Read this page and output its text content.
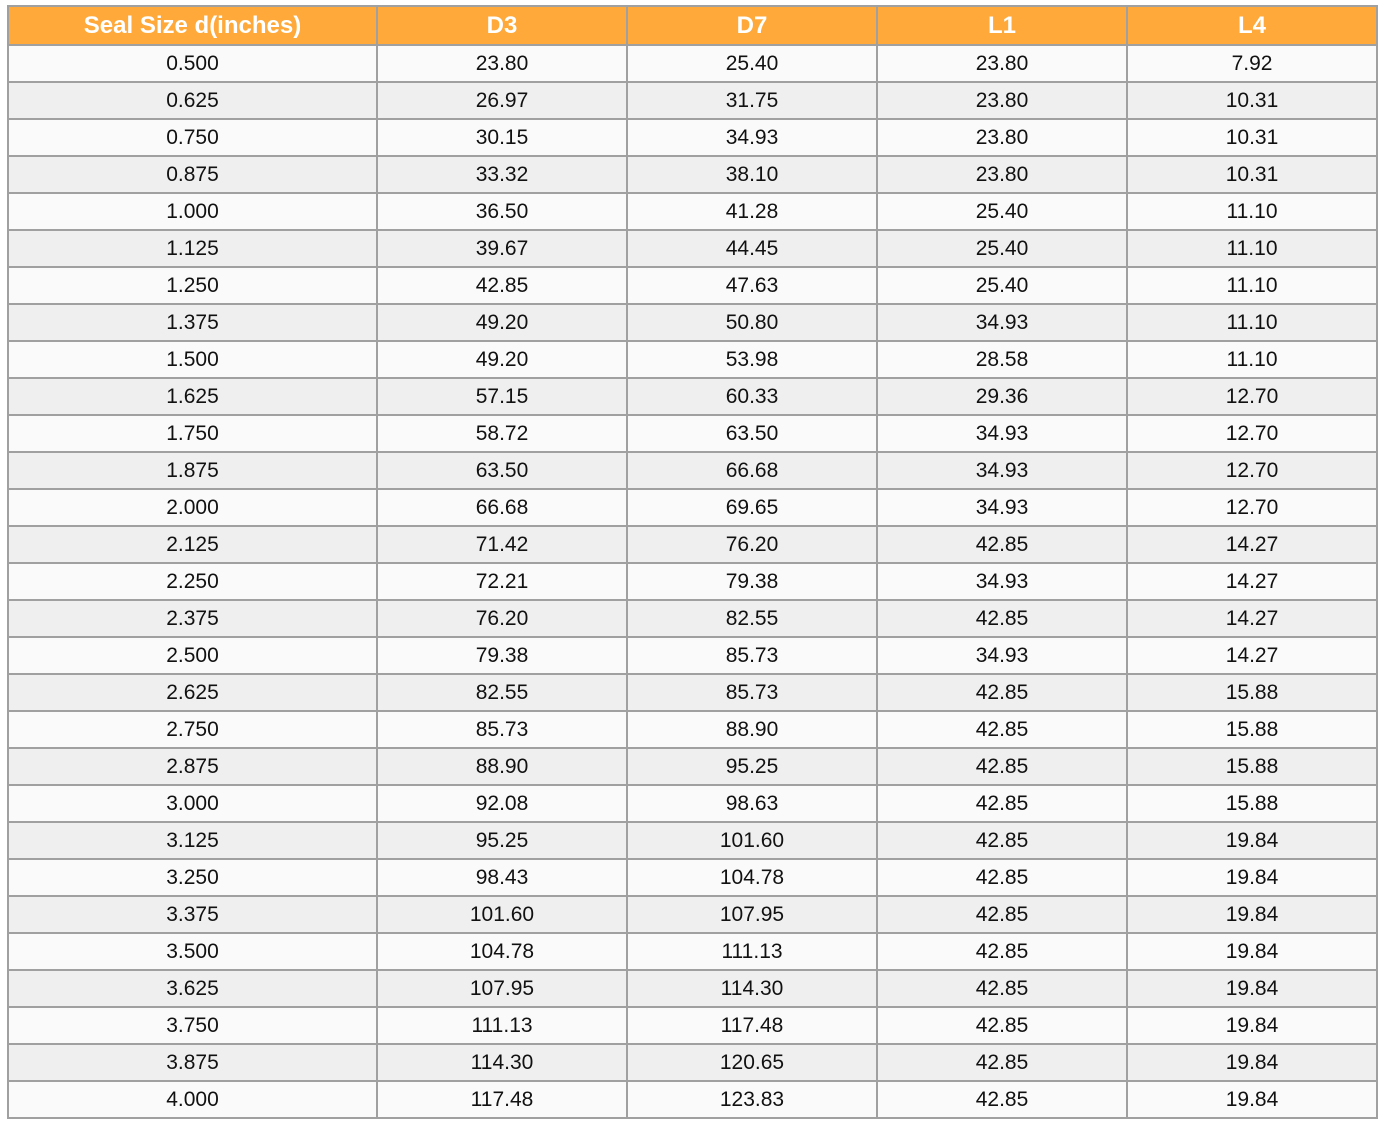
Seal Size d(inches)	D3	D7	L1	L4
0.500	23.80	25.40	23.80	7.92
0.625	26.97	31.75	23.80	10.31
0.750	30.15	34.93	23.80	10.31
0.875	33.32	38.10	23.80	10.31
1.000	36.50	41.28	25.40	11.10
1.125	39.67	44.45	25.40	11.10
1.250	42.85	47.63	25.40	11.10
1.375	49.20	50.80	34.93	11.10
1.500	49.20	53.98	28.58	11.10
1.625	57.15	60.33	29.36	12.70
1.750	58.72	63.50	34.93	12.70
1.875	63.50	66.68	34.93	12.70
2.000	66.68	69.65	34.93	12.70
2.125	71.42	76.20	42.85	14.27
2.250	72.21	79.38	34.93	14.27
2.375	76.20	82.55	42.85	14.27
2.500	79.38	85.73	34.93	14.27
2.625	82.55	85.73	42.85	15.88
2.750	85.73	88.90	42.85	15.88
2.875	88.90	95.25	42.85	15.88
3.000	92.08	98.63	42.85	15.88
3.125	95.25	101.60	42.85	19.84
3.250	98.43	104.78	42.85	19.84
3.375	101.60	107.95	42.85	19.84
3.500	104.78	111.13	42.85	19.84
3.625	107.95	114.30	42.85	19.84
3.750	111.13	117.48	42.85	19.84
3.875	114.30	120.65	42.85	19.84
4.000	117.48	123.83	42.85	19.84
